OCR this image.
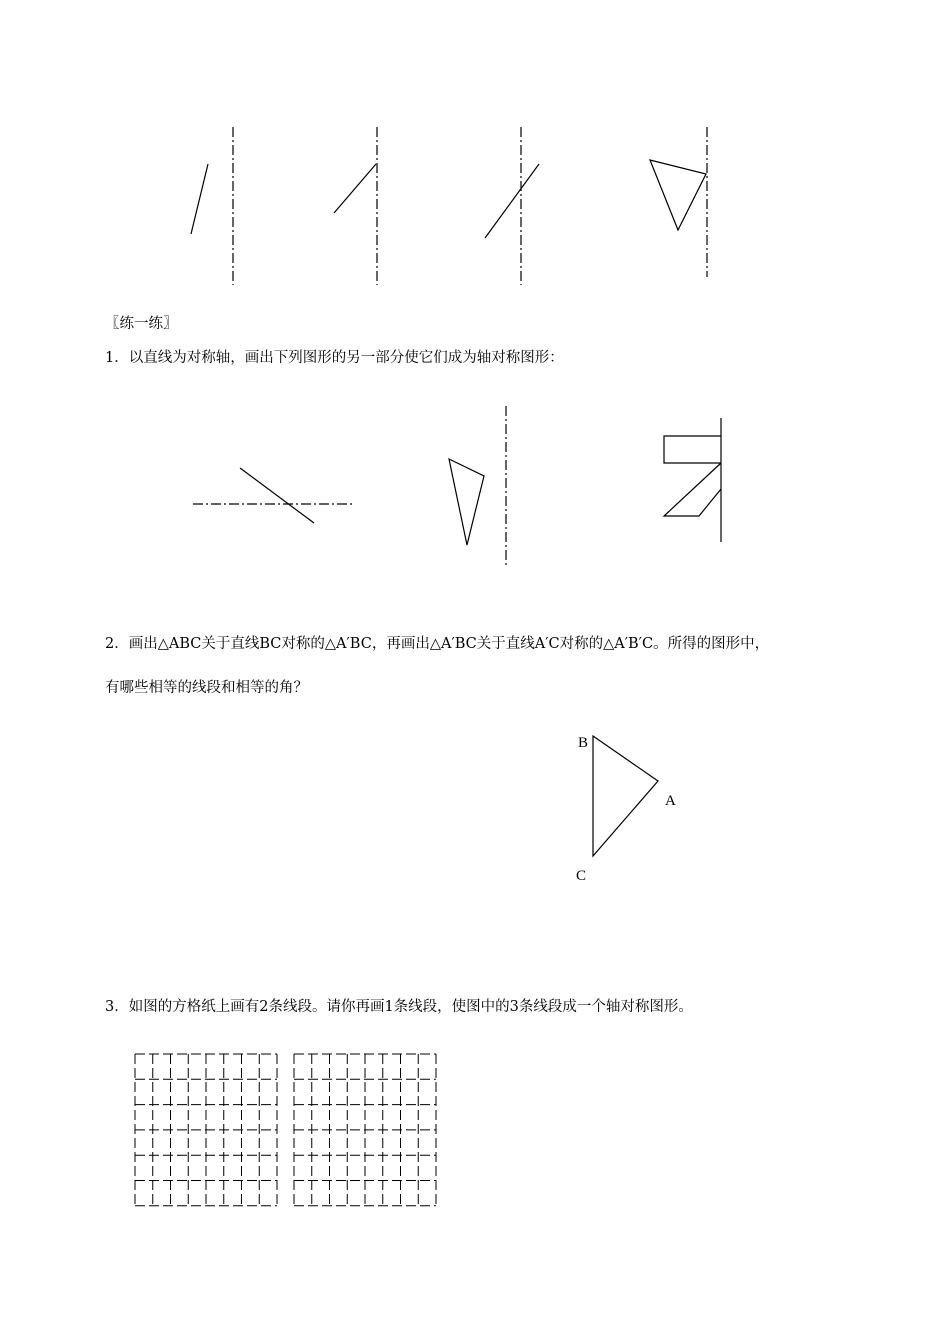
〖练一练〗
1．以直线为对称轴，画出下列图形的另一部分使它们成为轴对称图形：
2．画出△ABC关于直线BC对称的△A′BC，再画出△A′BC关于直线A′C对称的△A′B′C。所得的图形中，
有哪些相等的线段和相等的角？
B
A
C
3．如图的方格纸上画有2条线段。请你再画1条线段，使图中的3条线段成一个轴对称图形。
